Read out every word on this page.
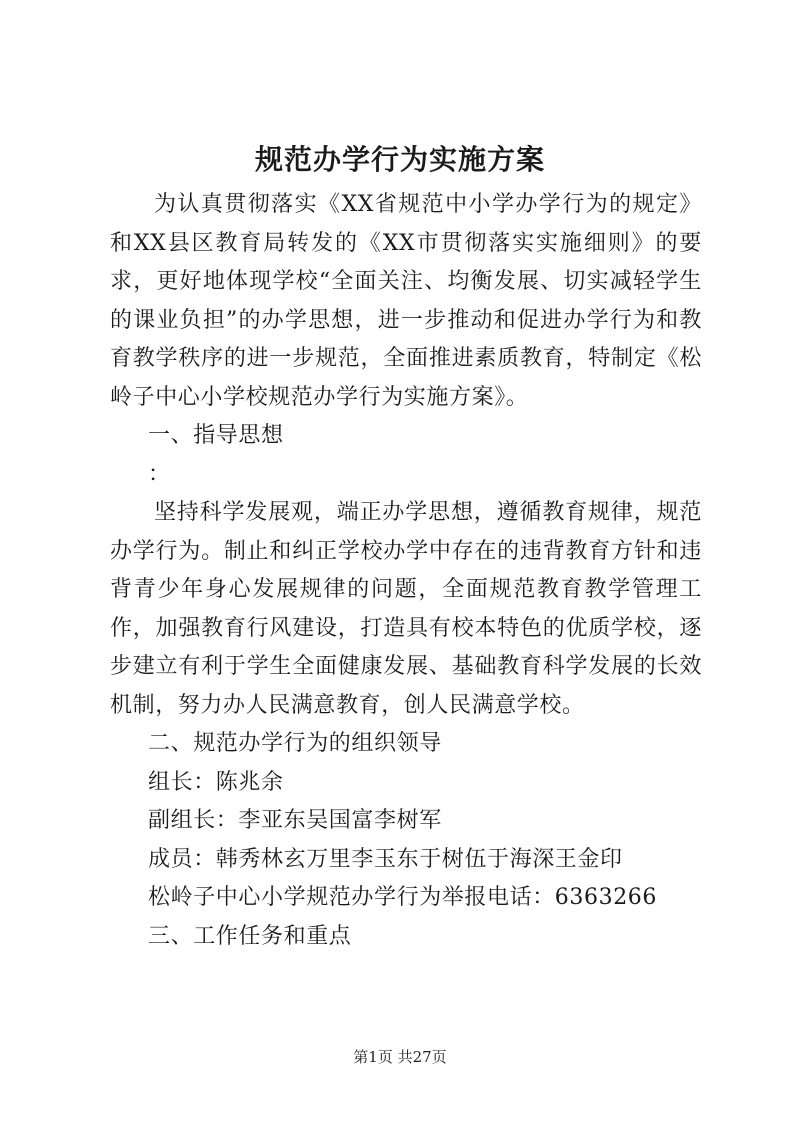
规范办学行为实施方案

为认真贯彻落实《XX省规范中小学办学行为的规定》和XX县区教育局转发的《XX市贯彻落实实施细则》的要求，更好地体现学校“全面关注、均衡发展、切实减轻学生的课业负担”的办学思想，进一步推动和促进办学行为和教育教学秩序的进一步规范，全面推进素质教育，特制定《松岭子中心小学校规范办学行为实施方案》。

一、指导思想

：

坚持科学发展观，端正办学思想，遵循教育规律，规范办学行为。制止和纠正学校办学中存在的违背教育方针和违背青少年身心发展规律的问题，全面规范教育教学管理工作，加强教育行风建设，打造具有校本特色的优质学校，逐步建立有利于学生全面健康发展、基础教育科学发展的长效机制，努力办人民满意教育，创人民满意学校。

二、规范办学行为的组织领导

组长：陈兆余

副组长：李亚东吴国富李树军

成员：韩秀林玄万里李玉东于树伍于海深王金印

松岭子中心小学规范办学行为举报电话：6363266

三、工作任务和重点

第1页 共27页
